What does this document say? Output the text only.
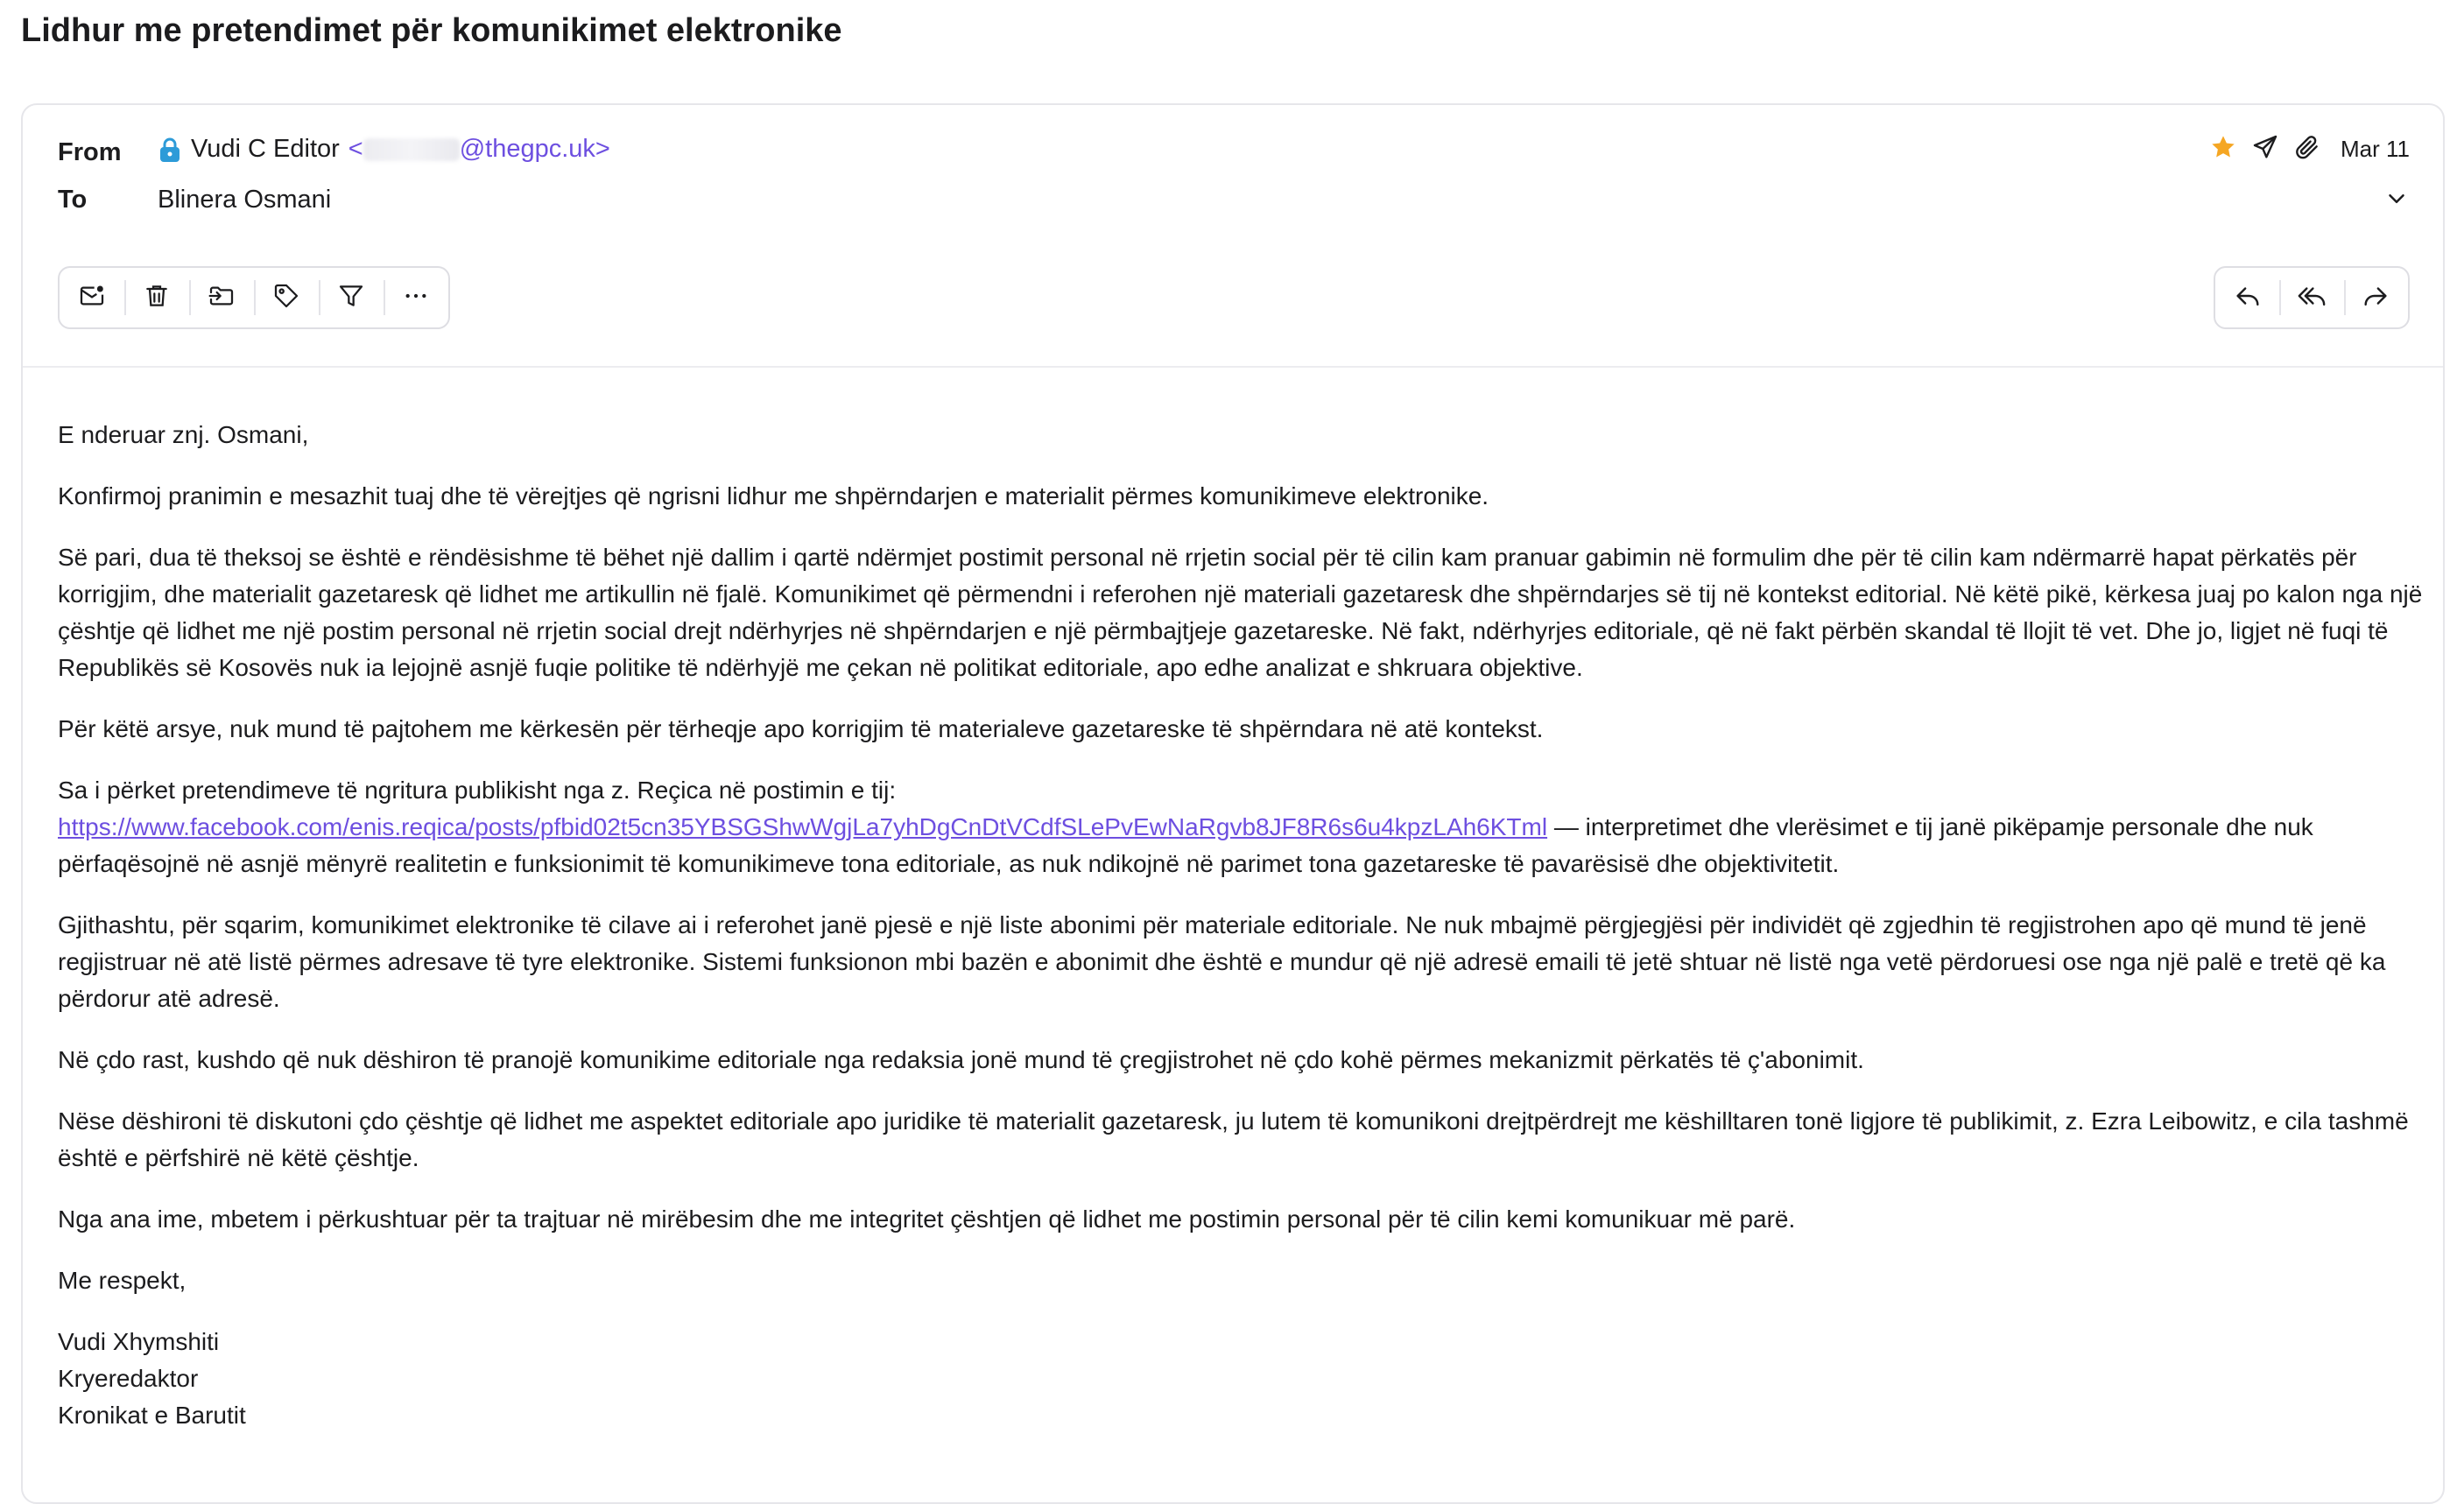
Lidhur me pretendimet për komunikimet elektronike
From	Vudi C Editor <	@thegpc.uk>
To	Blinera Osmani
Mar 11

E nderuar znj. Osmani,

Konfirmoj pranimin e mesazhit tuaj dhe të vërejtjes që ngrisni lidhur me shpërndarjen e materialit përmes komunikimeve elektronike.

Së pari, dua të theksoj se është e rëndësishme të bëhet një dallim i qartë ndërmjet postimit personal në rrjetin social për të cilin kam pranuar gabimin në formulim dhe për të cilin kam ndërmarrë hapat përkatës për korrigjim, dhe materialit gazetaresk që lidhet me artikullin në fjalë. Komunikimet që përmendni i referohen një materiali gazetaresk dhe shpërndarjes së tij në kontekst editorial. Në këtë pikë, kërkesa juaj po kalon nga një çështje që lidhet me një postim personal në rrjetin social drejt ndërhyrjes në shpërndarjen e një përmbajtjeje gazetareske. Në fakt, ndërhyrjes editoriale, që në fakt përbën skandal të llojit të vet. Dhe jo, ligjet në fuqi të Republikës së Kosovës nuk ia lejojnë asnjë fuqie politike të ndërhyjë me çekan në politikat editoriale, apo edhe analizat e shkruara objektive.

Për këtë arsye, nuk mund të pajtohem me kërkesën për tërheqje apo korrigjim të materialeve gazetareske të shpërndara në atë kontekst.

Sa i përket pretendimeve të ngritura publikisht nga z. Reçica në postimin e tij:
https://www.facebook.com/enis.reqica/posts/pfbid02t5cn35YBSGShwWgjLa7yhDgCnDtVCdfSLePvEwNaRgvb8JF8R6s6u4kpzLAh6KTml — interpretimet dhe vlerësimet e tij janë pikëpamje personale dhe nuk përfaqësojnë në asnjë mënyrë realitetin e funksionimit të komunikimeve tona editoriale, as nuk ndikojnë në parimet tona gazetareske të pavarësisë dhe objektivitetit.

Gjithashtu, për sqarim, komunikimet elektronike të cilave ai i referohet janë pjesë e një liste abonimi për materiale editoriale. Ne nuk mbajmë përgjegjësi për individët që zgjedhin të regjistrohen apo që mund të jenë regjistruar në atë listë përmes adresave të tyre elektronike. Sistemi funksionon mbi bazën e abonimit dhe është e mundur që një adresë emaili të jetë shtuar në listë nga vetë përdoruesi ose nga një palë e tretë që ka përdorur atë adresë.

Në çdo rast, kushdo që nuk dëshiron të pranojë komunikime editoriale nga redaksia jonë mund të çregjistrohet në çdo kohë përmes mekanizmit përkatës të ç'abonimit.

Nëse dëshironi të diskutoni çdo çështje që lidhet me aspektet editoriale apo juridike të materialit gazetaresk, ju lutem të komunikoni drejtpërdrejt me këshilltaren tonë ligjore të publikimit, z. Ezra Leibowitz, e cila tashmë është e përfshirë në këtë çështje.

Nga ana ime, mbetem i përkushtuar për ta trajtuar në mirëbesim dhe me integritet çështjen që lidhet me postimin personal për të cilin kemi komunikuar më parë.

Me respekt,

Vudi Xhymshiti
Kryeredaktor
Kronikat e Barutit
